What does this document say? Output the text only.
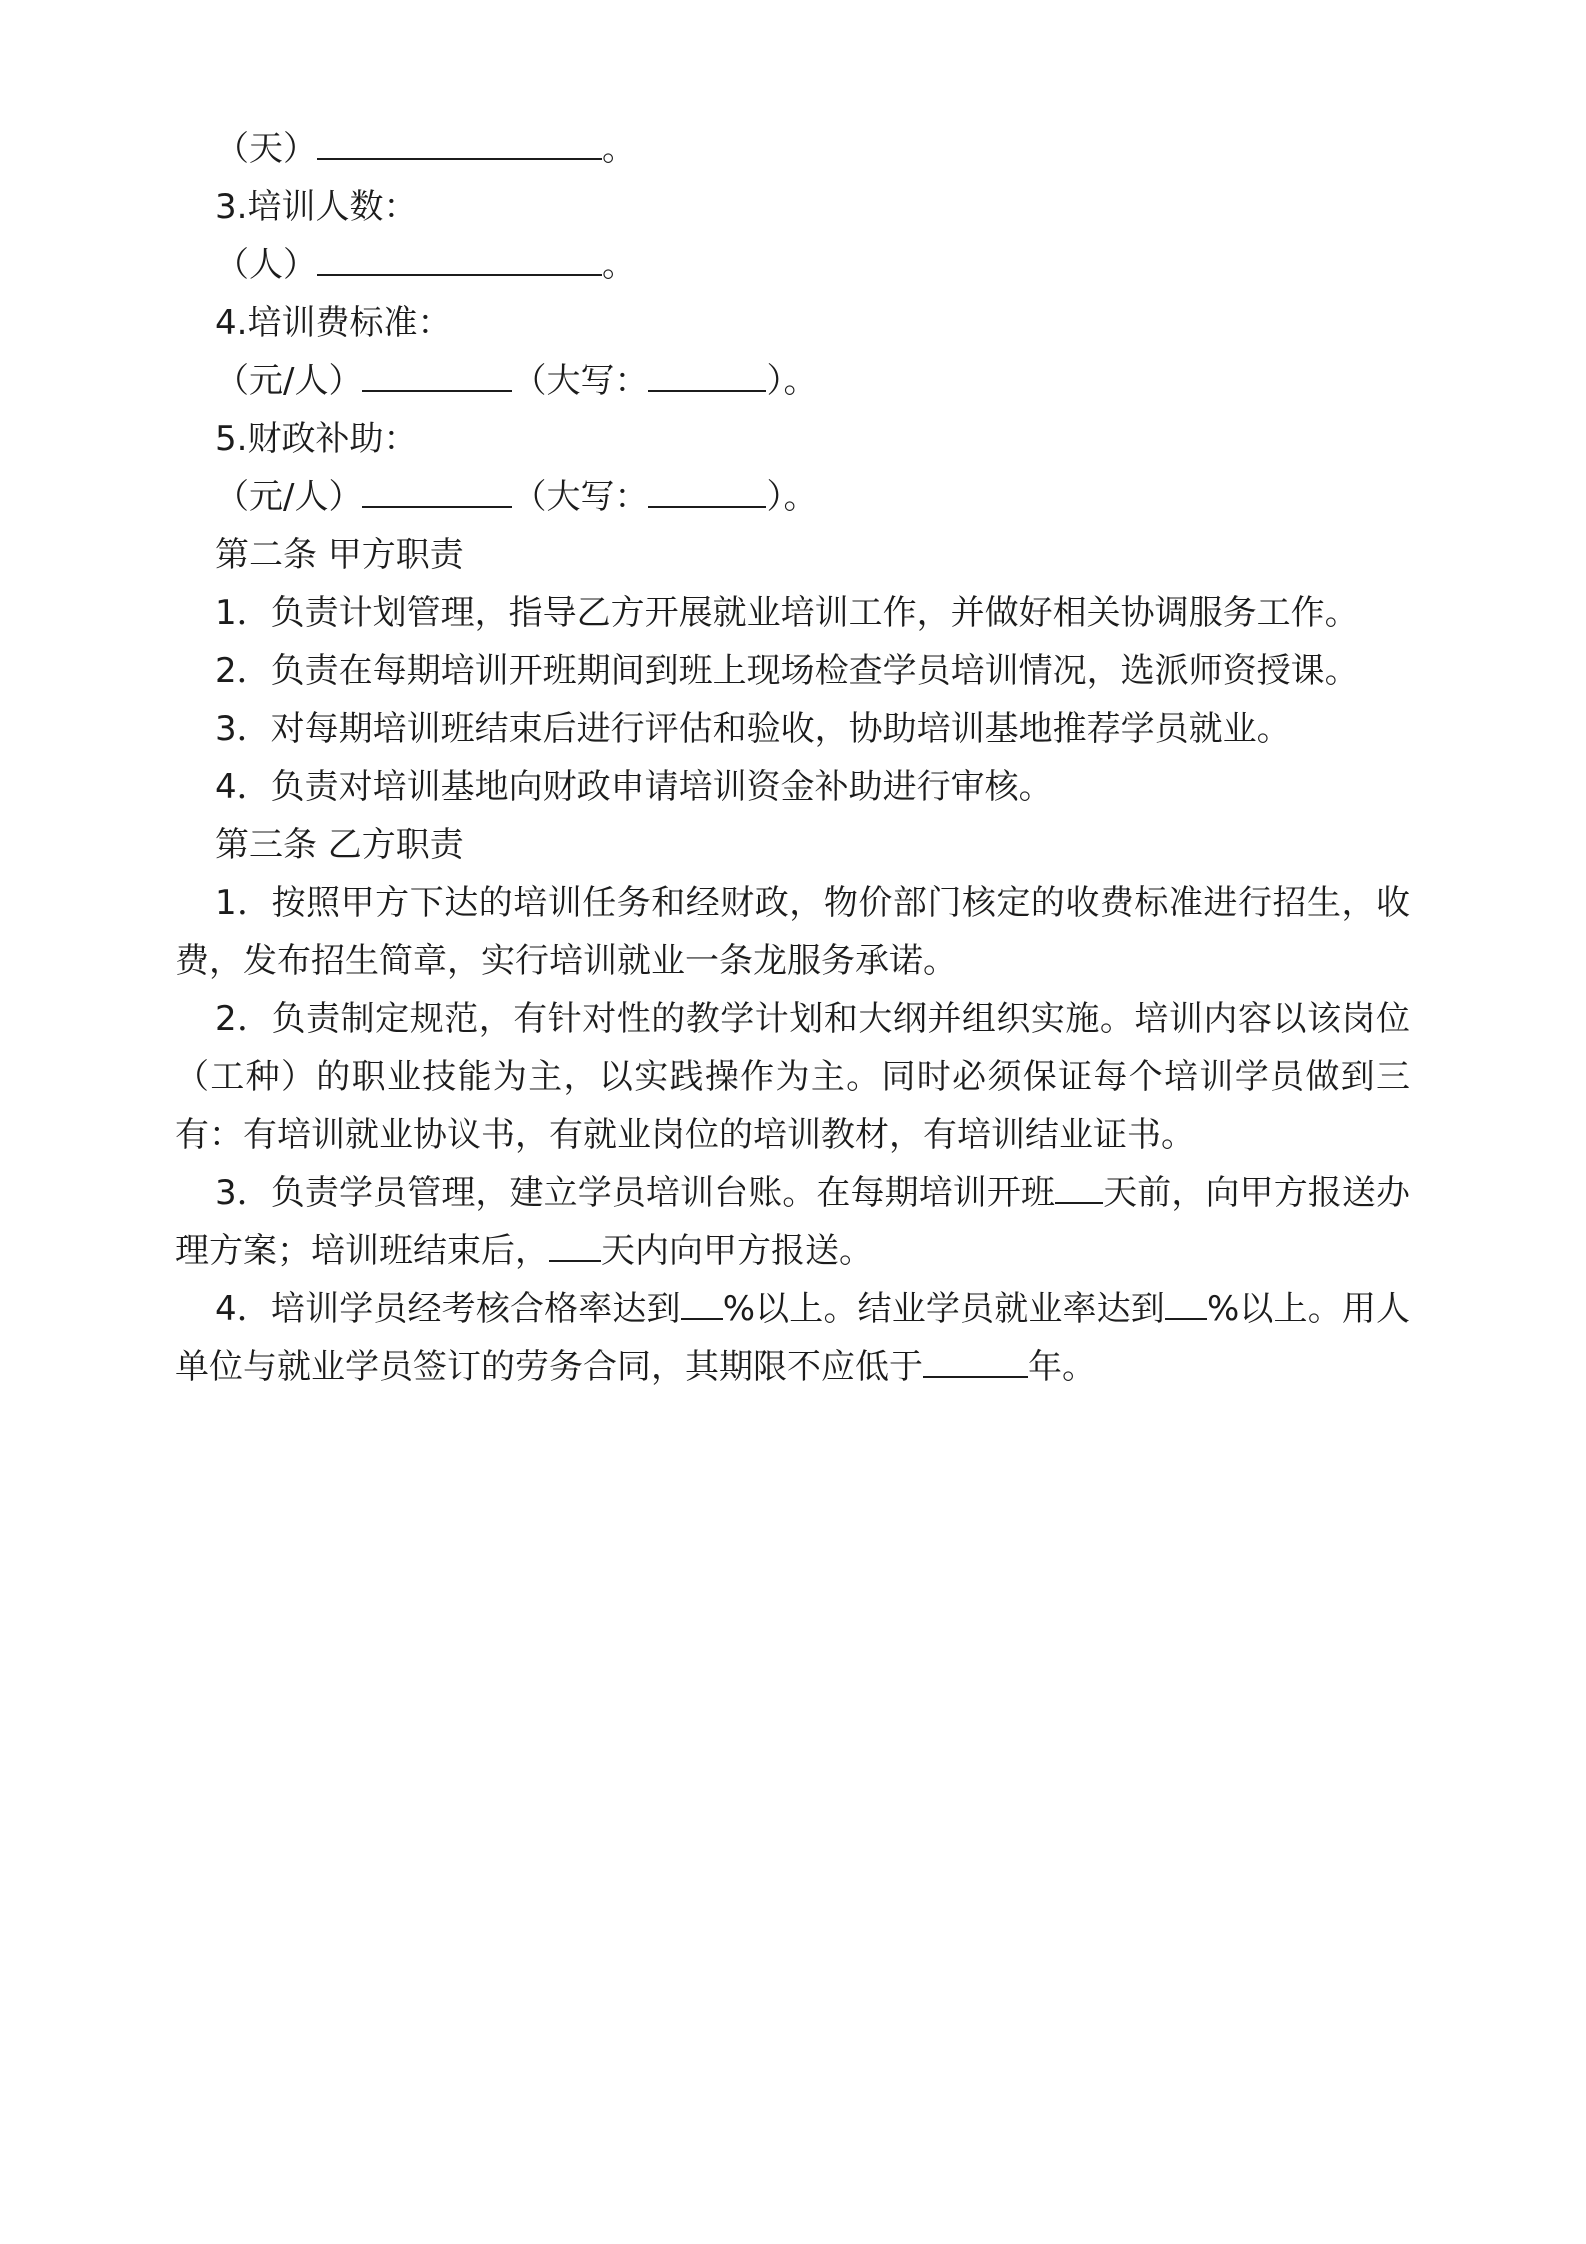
（天）	。
3.培训人数：
（人）	。
4.培训费标准：
（元/人）	（大写：	）。
5.财政补助：
（元/人）	（大写：	）。
第二条 甲方职责
1．负责计划管理，指导乙方开展就业培训工作，并做好相关协调服务工作。
2．负责在每期培训开班期间到班上现场检查学员培训情况，选派师资授课。
3．对每期培训班结束后进行评估和验收，协助培训基地推荐学员就业。
4．负责对培训基地向财政申请培训资金补助进行审核。
第三条 乙方职责
1．按照甲方下达的培训任务和经财政，物价部门核定的收费标准进行招生，收费，发布招生简章，实行培训就业一条龙服务承诺。
2．负责制定规范，有针对性的教学计划和大纲并组织实施。培训内容以该岗位（工种）的职业技能为主，以实践操作为主。同时必须保证每个培训学员做到三有：有培训就业协议书，有就业岗位的培训教材，有培训结业证书。
3．负责学员管理，建立学员培训台账。在每期培训开班 天前，向甲方报送办理方案；培训班结束后， 天内向甲方报送。
4．培训学员经考核合格率达到 %以上。结业学员就业率达到 %以上。用人单位与就业学员签订的劳务合同，其期限不应低于	年。
